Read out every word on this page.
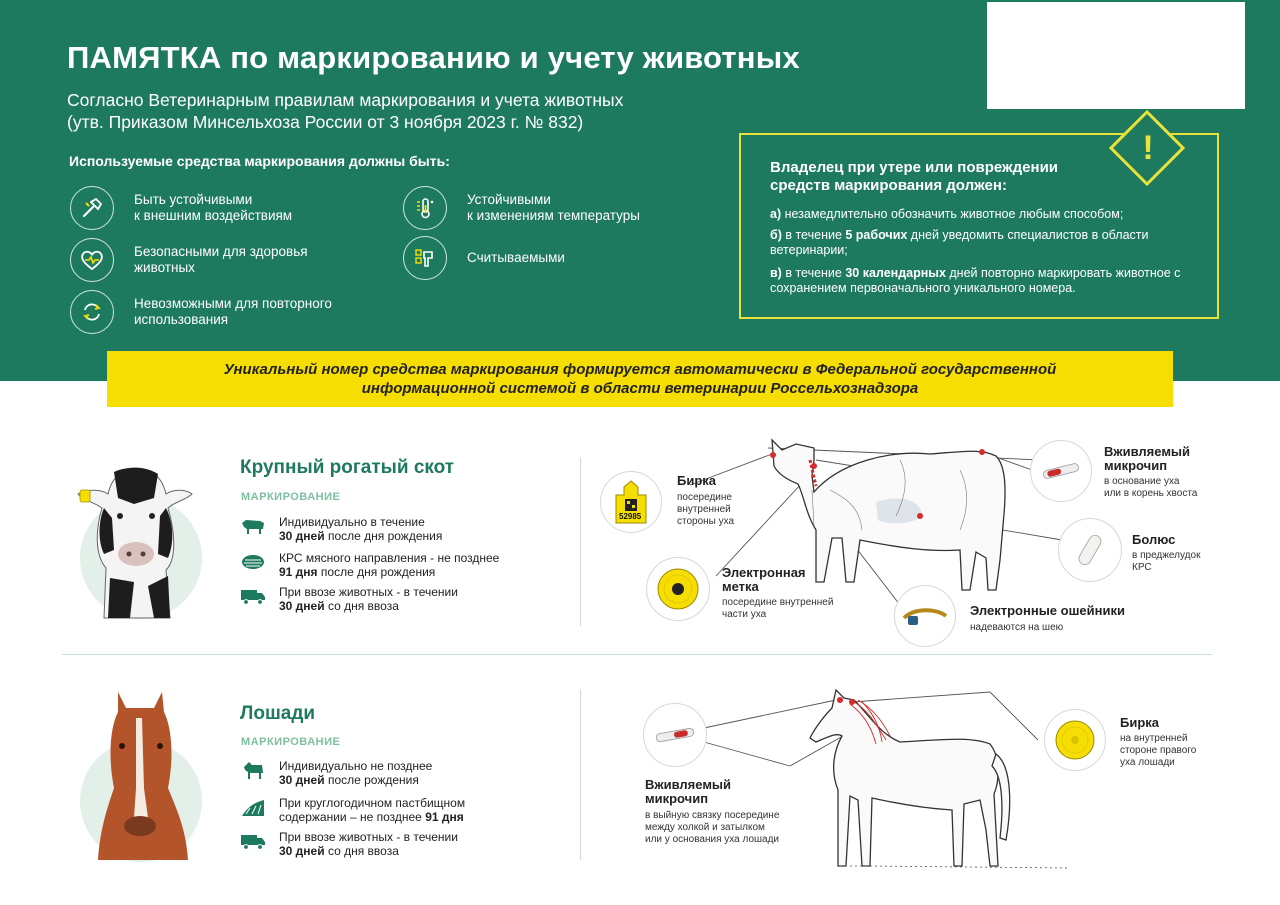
ПАМЯТКА по маркированию и учету животных
Согласно Ветеринарным правилам маркирования и учета животных
(утв. Приказом Минсельхоза России от 3 ноября 2023 г. № 832)
Используемые средства маркирования должны быть:
Быть устойчивыми
к внешним воздействиям
Безопасными для здоровья
животных
Невозможными для повторного
использования
Устойчивыми
к изменениям температуры
Считываемыми
!
Владелец при утере или повреждении
средств маркирования должен:
а) незамедлительно обозначить животное любым способом;
б) в течение 5 рабочих дней уведомить специалистов в области ветеринарии;
в) в течение 30 календарных дней повторно маркировать животное с сохранением первоначального уникального номера.
Уникальный номер средства маркирования формируется автоматически в Федеральной государственной
информационной системой в области ветеринарии Россельхознадзора
Крупный рогатый скот
МАРКИРОВАНИЕ
Индивидуально в течение
30 дней после дня рождения
КРС мясного направления - не позднее
91 дня после дня рождения
При ввозе животных - в течении
30 дней со дня ввоза
52985
Бирка
посередине
внутренней
стороны уха
Электронная
метка
посередине внутренней
части уха
Вживляемый
микрочип
в основание уха
или в корень хвоста
Болюс
в преджелудок
КРС
Электронные ошейники
надеваются на шею
Лошади
МАРКИРОВАНИЕ
Индивидуально не позднее
30 дней после рождения
При круглогодичном пастбищном
содержании – не позднее 91 дня
При ввозе животных - в течении
30 дней со дня ввоза
Вживляемый
микрочип
в выйную связку посередине
между холкой и затылком
или у основания уха лошади
Бирка
на внутренней
стороне правого
уха лошади
